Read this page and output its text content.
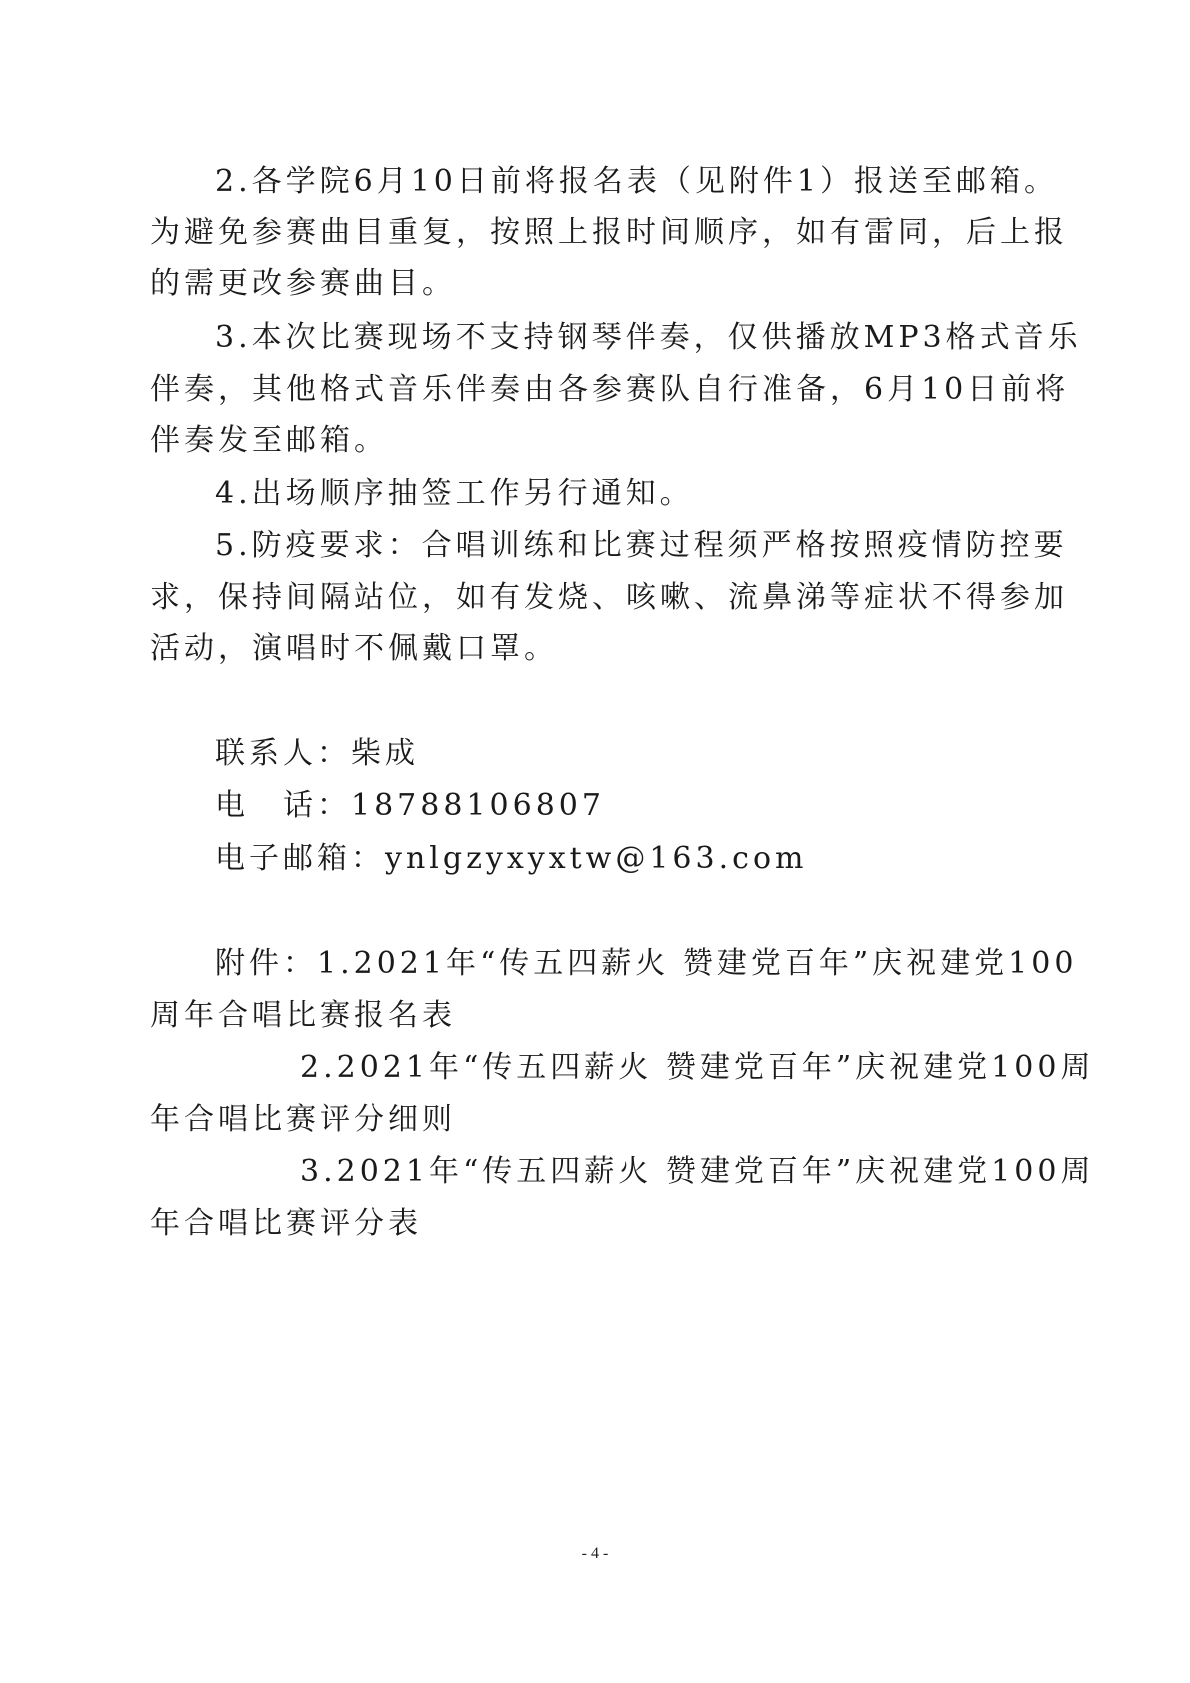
2.各学院6月10日前将报名表（见附件1）报送至邮箱。
为避免参赛曲目重复，按照上报时间顺序，如有雷同，后上报
的需更改参赛曲目。
3.本次比赛现场不支持钢琴伴奏，仅供播放MP3格式音乐
伴奏，其他格式音乐伴奏由各参赛队自行准备，6月10日前将
伴奏发至邮箱。
4.出场顺序抽签工作另行通知。
5.防疫要求：合唱训练和比赛过程须严格按照疫情防控要
求，保持间隔站位，如有发烧、咳嗽、流鼻涕等症状不得参加
活动，演唱时不佩戴口罩。
联系人：柴成
电　话：18788106807
电子邮箱：ynlgzyxyxtw@163.com
附件：1.2021年“传五四薪火 赞建党百年”庆祝建党100
周年合唱比赛报名表
2.2021年“传五四薪火 赞建党百年”庆祝建党100周
年合唱比赛评分细则
3.2021年“传五四薪火 赞建党百年”庆祝建党100周
年合唱比赛评分表
- 4 -
